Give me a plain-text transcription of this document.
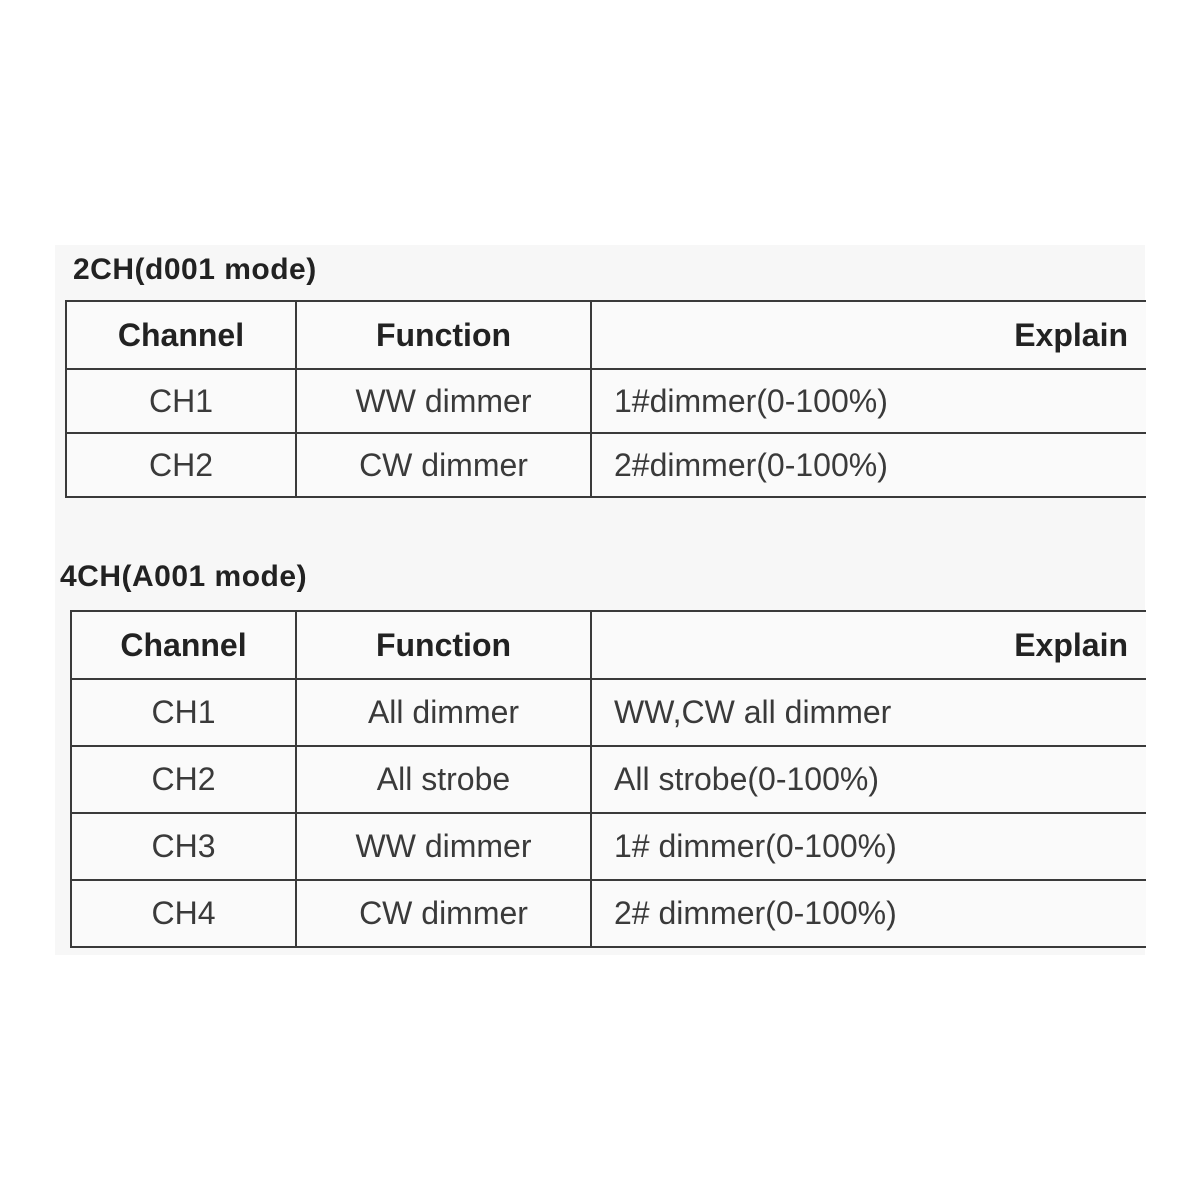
2CH(d001 mode)
Channel	Function	Explain
CH1	WW dimmer	1#dimmer(0-100%)
CH2	CW dimmer	2#dimmer(0-100%)
4CH(A001 mode)
Channel	Function	Explain
CH1	All dimmer	WW,CW all dimmer
CH2	All strobe	All strobe(0-100%)
CH3	WW dimmer	1# dimmer(0-100%)
CH4	CW dimmer	2# dimmer(0-100%)
